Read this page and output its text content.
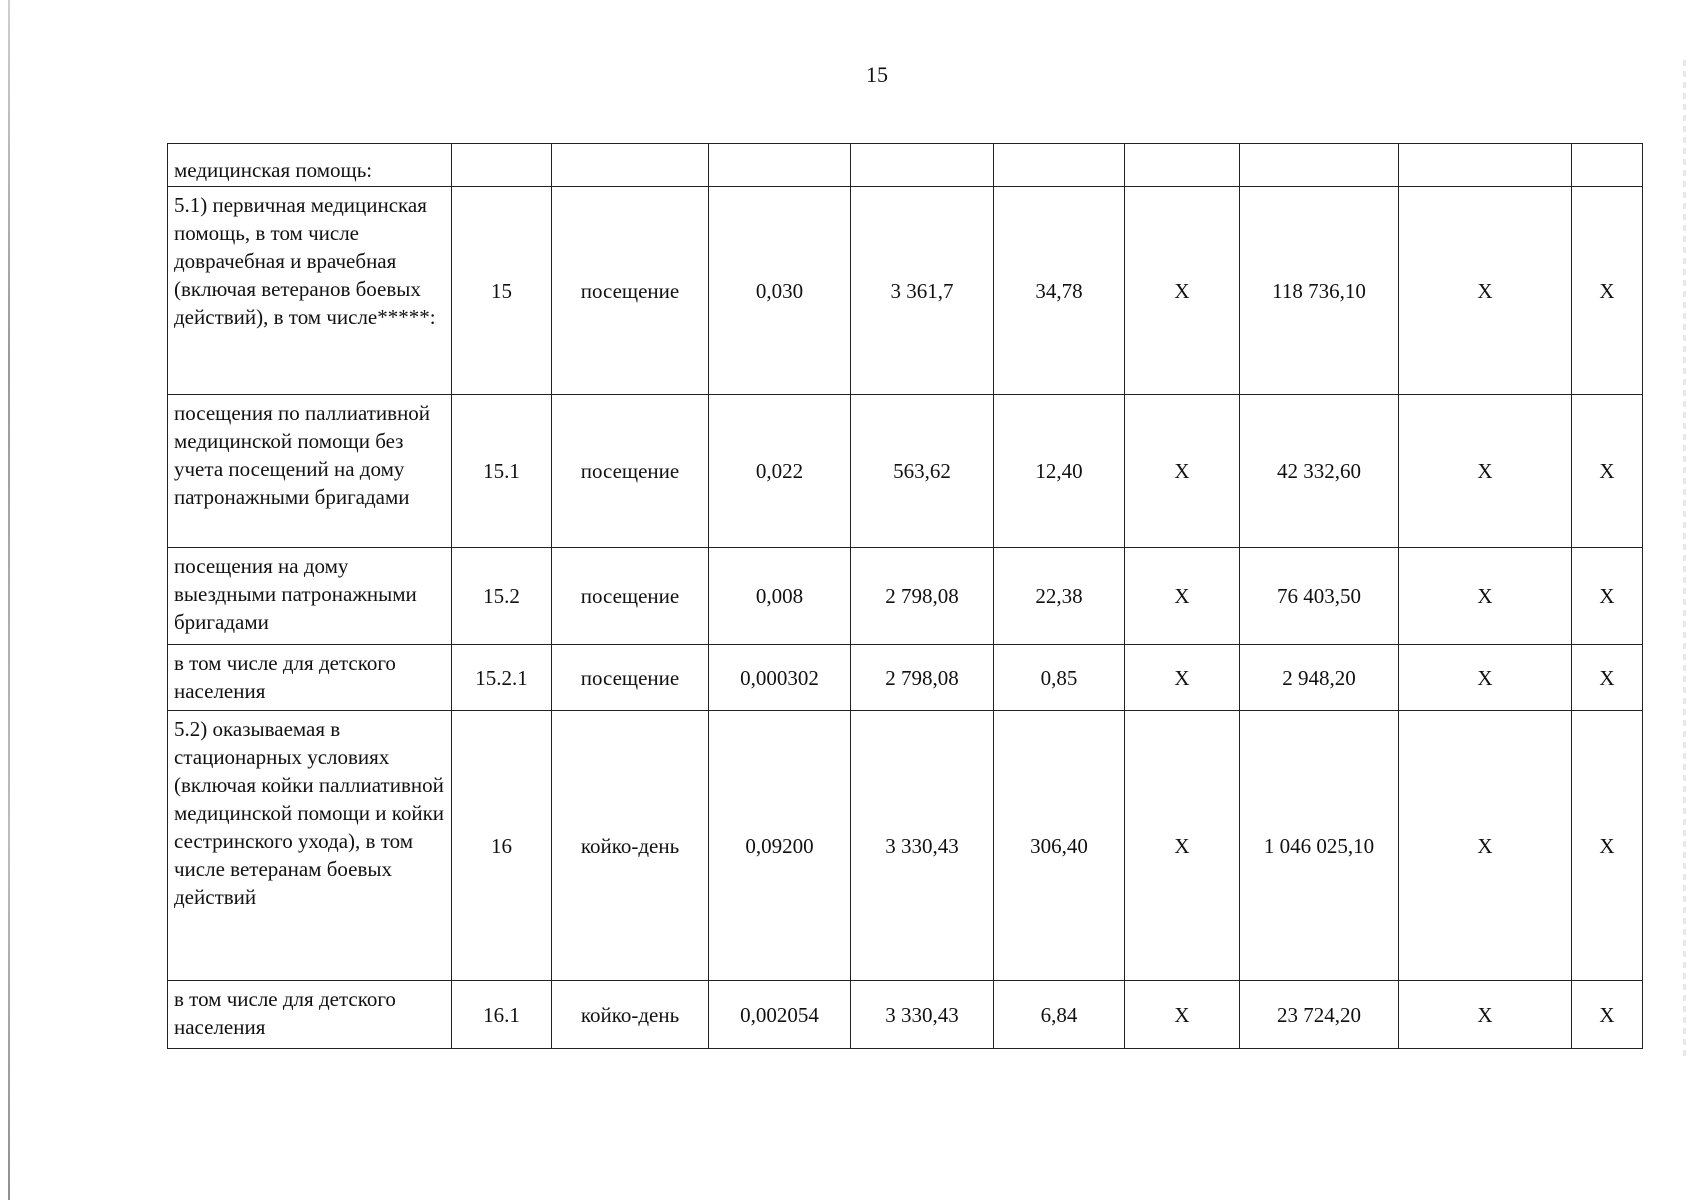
15
медицинская помощь:									
5.1) первичная медицинская помощь, в том числе доврачебная и врачебная (включая ветеранов боевых действий), в том числе*****:	15	посещение	0,030	3 361,7	34,78	X	118 736,10	X	X
посещения по паллиативной медицинской помощи без учета посещений на дому патронажными бригадами	15.1	посещение	0,022	563,62	12,40	X	42 332,60	X	X
посещения на дому выездными патронажными бригадами	15.2	посещение	0,008	2 798,08	22,38	X	76 403,50	X	X
в том числе для детского населения	15.2.1	посещение	0,000302	2 798,08	0,85	X	2 948,20	X	X
5.2) оказываемая в стационарных условиях (включая койки паллиативной медицинской помощи и койки сестринского ухода), в том числе ветеранам боевых действий	16	койко-день	0,09200	3 330,43	306,40	X	1 046 025,10	X	X
в том числе для детского населения	16.1	койко-день	0,002054	3 330,43	6,84	X	23 724,20	X	X
